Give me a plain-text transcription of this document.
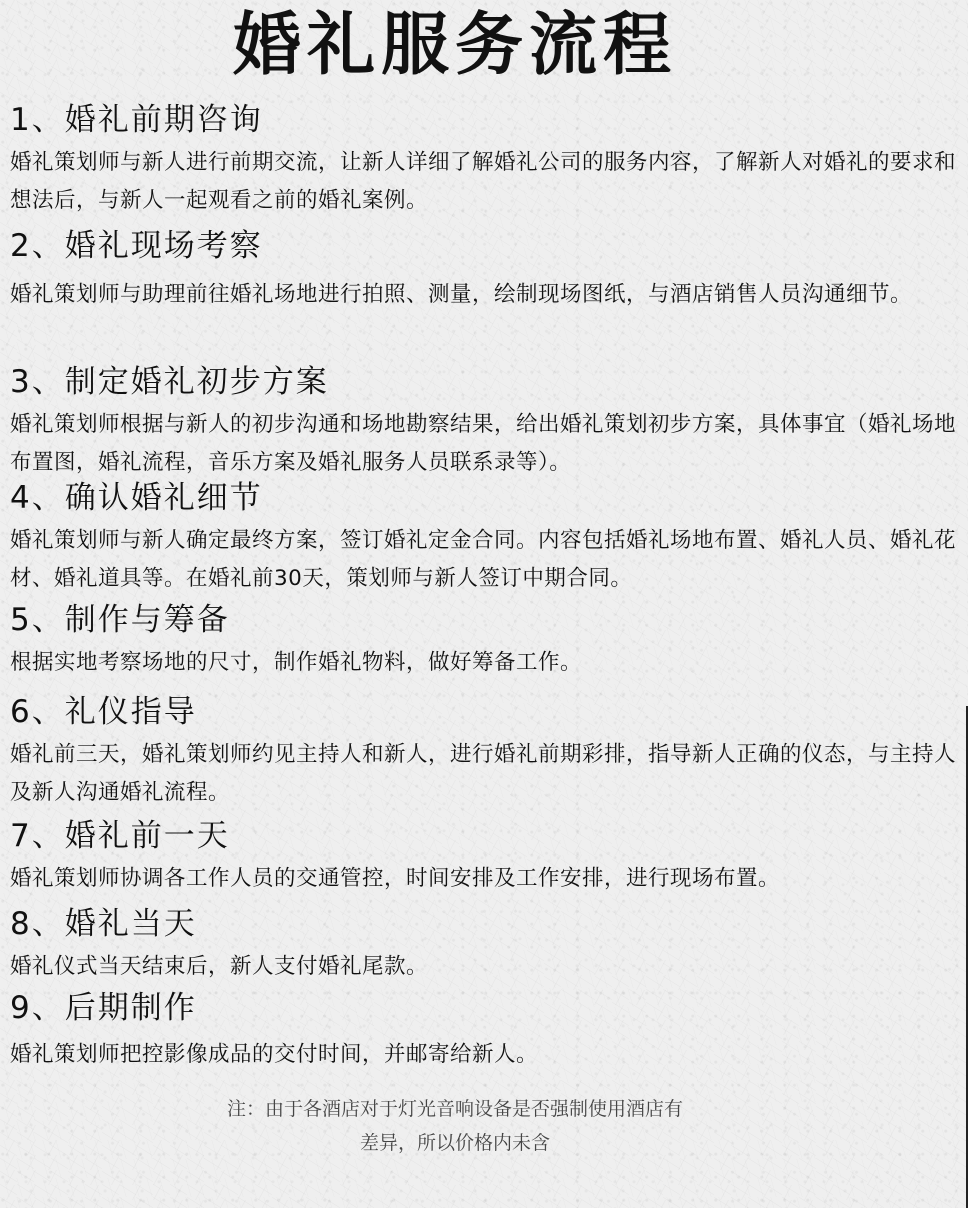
婚礼服务流程
1、婚礼前期咨询

婚礼策划师与新人进行前期交流，让新人详细了解婚礼公司的服务内容，了解新人对婚礼的要求和想法后，与新人一起观看之前的婚礼案例。

2、婚礼现场考察

婚礼策划师与助理前往婚礼场地进行拍照、测量，绘制现场图纸，与酒店销售人员沟通细节。

3、制定婚礼初步方案

婚礼策划师根据与新人的初步沟通和场地勘察结果，给出婚礼策划初步方案，具体事宜（婚礼场地布置图，婚礼流程，音乐方案及婚礼服务人员联系录等）。

4、确认婚礼细节

婚礼策划师与新人确定最终方案，签订婚礼定金合同。内容包括婚礼场地布置、婚礼人员、婚礼花材、婚礼道具等。在婚礼前30天，策划师与新人签订中期合同。

5、制作与筹备

根据实地考察场地的尺寸，制作婚礼物料，做好筹备工作。

6、礼仪指导

婚礼前三天，婚礼策划师约见主持人和新人，进行婚礼前期彩排，指导新人正确的仪态，与主持人及新人沟通婚礼流程。

7、婚礼前一天

婚礼策划师协调各工作人员的交通管控，时间安排及工作安排，进行现场布置。

8、婚礼当天

婚礼仪式当天结束后，新人支付婚礼尾款。

9、后期制作

婚礼策划师把控影像成品的交付时间，并邮寄给新人。

注：由于各酒店对于灯光音响设备是否强制使用酒店有

差异，所以价格内未含
